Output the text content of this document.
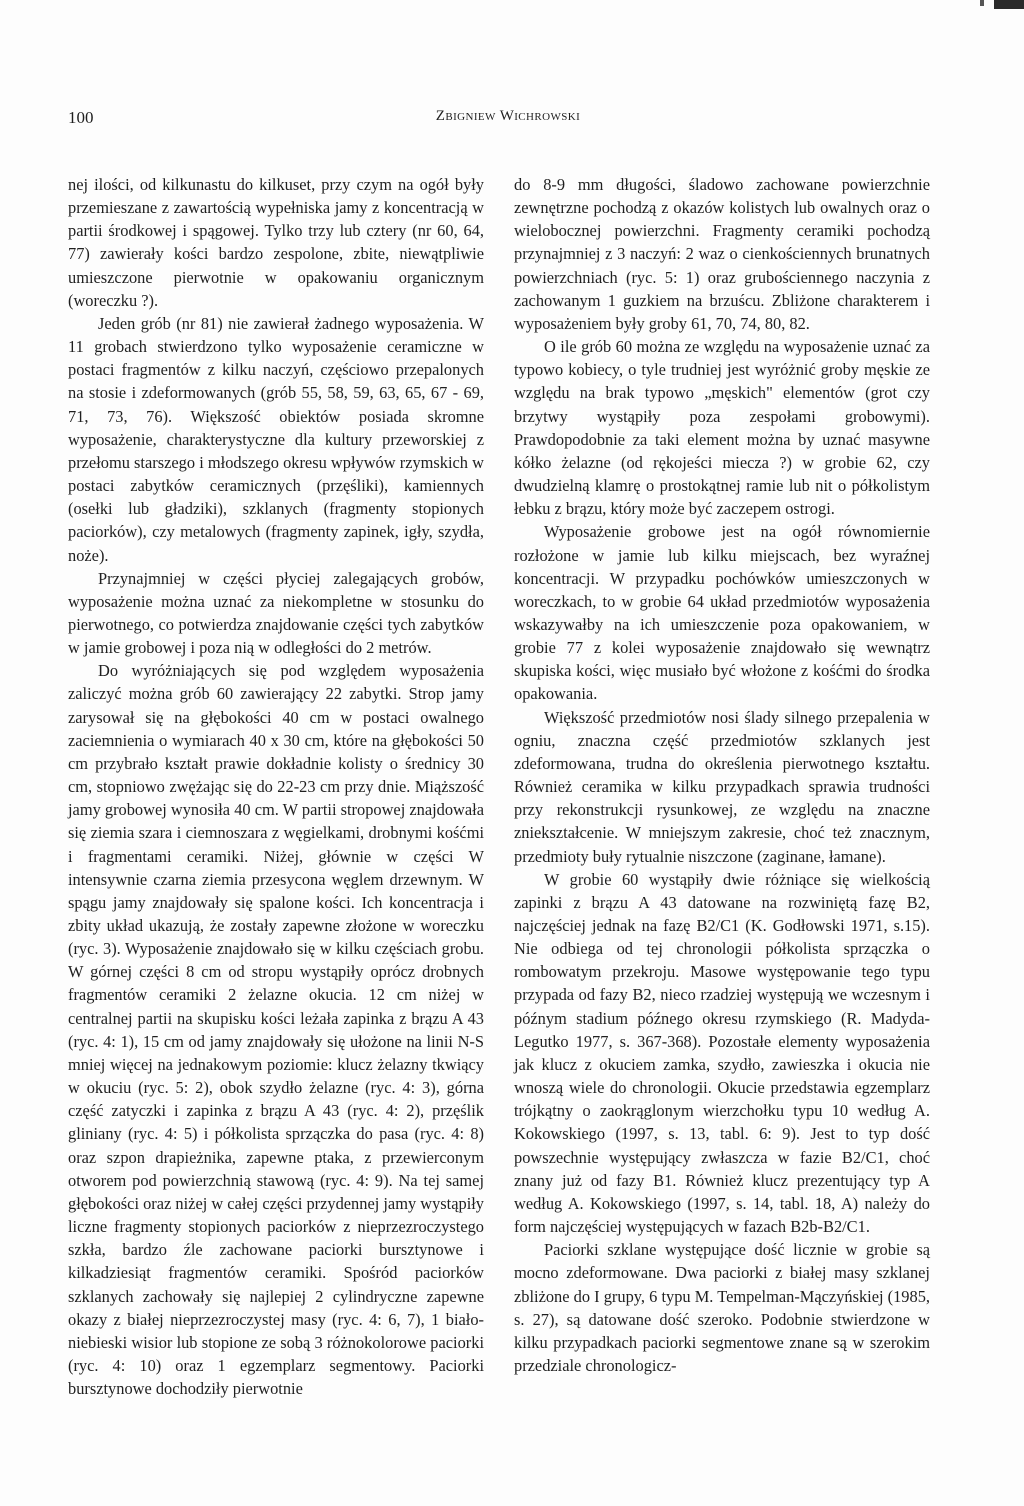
100	Zbigniew Wichrowski

nej ilości, od kilkunastu do kilkuset, przy czym na ogół były przemieszane z zawartością wypełniska jamy z koncentracją w partii środkowej i spągowej. Tylko trzy lub cztery (nr 60, 64, 77) zawierały kości bardzo zespolone, zbite, niewątpliwie umieszczone pierwotnie w opakowaniu organicznym (woreczku ?).

Jeden grób (nr 81) nie zawierał żadnego wyposażenia. W 11 grobach stwierdzono tylko wyposażenie ceramiczne w postaci fragmentów z kilku naczyń, częściowo przepalonych na stosie i zdeformowanych (grób 55, 58, 59, 63, 65, 67 - 69, 71, 73, 76). Większość obiektów posiada skromne wyposażenie, charakterystyczne dla kultury przeworskiej z przełomu starszego i młodszego okresu wpływów rzymskich w postaci zabytków ceramicznych (przęśliki), kamiennych (osełki lub gładziki), szklanych (fragmenty stopionych paciorków), czy metalowych (fragmenty zapinek, igły, szydła, noże).

Przynajmniej w części płyciej zalegających grobów, wyposażenie można uznać za niekompletne w stosunku do pierwotnego, co potwierdza znajdowanie części tych zabytków w jamie grobowej i poza nią w odległości do 2 metrów.

Do wyróżniających się pod względem wyposażenia zaliczyć można grób 60 zawierający 22 zabytki. Strop jamy zarysował się na głębokości 40 cm w postaci owalnego zaciemnienia o wymiarach 40 x 30 cm, które na głębokości 50 cm przybrało kształt prawie dokładnie kolisty o średnicy 30 cm, stopniowo zwężając się do 22-23 cm przy dnie. Miąższość jamy grobowej wynosiła 40 cm. W partii stropowej znajdowała się ziemia szara i ciemnoszara z węgielkami, drobnymi kośćmi i fragmentami ceramiki. Niżej, głównie w części W intensywnie czarna ziemia przesycona węglem drzewnym. W spągu jamy znajdowały się spalone kości. Ich koncentracja i zbity układ ukazują, że zostały zapewne złożone w woreczku (ryc. 3). Wyposażenie znajdowało się w kilku częściach grobu. W górnej części 8 cm od stropu wystąpiły oprócz drobnych fragmentów ceramiki 2 żelazne okucia. 12 cm niżej w centralnej partii na skupisku kości leżała zapinka z brązu A 43 (ryc. 4: 1), 15 cm od jamy znajdowały się ułożone na linii N-S mniej więcej na jednakowym poziomie: klucz żelazny tkwiący w okuciu (ryc. 5: 2), obok szydło żelazne (ryc. 4: 3), górna część zatyczki i zapinka z brązu A 43 (ryc. 4: 2), przęślik gliniany (ryc. 4: 5) i półkolista sprzączka do pasa (ryc. 4: 8) oraz szpon drapieżnika, zapewne ptaka, z przewierconym otworem pod powierzchnią stawową (ryc. 4: 9). Na tej samej głębokości oraz niżej w całej części przydennej jamy wystąpiły liczne fragmenty stopionych paciorków z nieprzezroczystego szkła, bardzo źle zachowane paciorki bursztynowe i kilkadziesiąt fragmentów ceramiki. Spośród paciorków szklanych zachowały się najlepiej 2 cylindryczne zapewne okazy z białej nieprzezroczystej masy (ryc. 4: 6, 7), 1 biało-niebieski wisior lub stopione ze sobą 3 różnokolorowe paciorki (ryc. 4: 10) oraz 1 egzemplarz segmentowy. Paciorki bursztynowe dochodziły pierwotnie

do 8-9 mm długości, śladowo zachowane powierzchnie zewnętrzne pochodzą z okazów kolistych lub owalnych oraz o wielobocznej powierzchni. Fragmenty ceramiki pochodzą przynajmniej z 3 naczyń: 2 waz o cienkościennych brunatnych powierzchniach (ryc. 5: 1) oraz grubościennego naczynia z zachowanym 1 guzkiem na brzuścu. Zbliżone charakterem i wyposażeniem były groby 61, 70, 74, 80, 82.

O ile grób 60 można ze względu na wyposażenie uznać za typowo kobiecy, o tyle trudniej jest wyróżnić groby męskie ze względu na brak typowo „męskich" elementów (grot czy brzytwy wystąpiły poza zespołami grobowymi). Prawdopodobnie za taki element można by uznać masywne kółko żelazne (od rękojeści miecza ?) w grobie 62, czy dwudzielną klamrę o prostokątnej ramie lub nit o półkolistym łebku z brązu, który może być zaczepem ostrogi.

Wyposażenie grobowe jest na ogół równomiernie rozłożone w jamie lub kilku miejscach, bez wyraźnej koncentracji. W przypadku pochówków umieszczonych w woreczkach, to w grobie 64 układ przedmiotów wyposażenia wskazywałby na ich umieszczenie poza opakowaniem, w grobie 77 z kolei wyposażenie znajdowało się wewnątrz skupiska kości, więc musiało być włożone z kośćmi do środka opakowania.

Większość przedmiotów nosi ślady silnego przepalenia w ogniu, znaczna część przedmiotów szklanych jest zdeformowana, trudna do określenia pierwotnego kształtu. Również ceramika w kilku przypadkach sprawia trudności przy rekonstrukcji rysunkowej, ze względu na znaczne zniekształcenie. W mniejszym zakresie, choć też znacznym, przedmioty buły rytualnie niszczone (zaginane, łamane).

W grobie 60 wystąpiły dwie różniące się wielkością zapinki z brązu A 43 datowane na rozwiniętą fazę B2, najczęściej jednak na fazę B2/C1 (K. Godłowski 1971, s.15). Nie odbiega od tej chronologii półkolista sprzączka o rombowatym przekroju. Masowe występowanie tego typu przypada od fazy B2, nieco rzadziej występują we wczesnym i późnym stadium późnego okresu rzymskiego (R. Madyda-Legutko 1977, s. 367-368). Pozostałe elementy wyposażenia jak klucz z okuciem zamka, szydło, zawieszka i okucia nie wnoszą wiele do chronologii. Okucie przedstawia egzemplarz trójkątny o zaokrąglonym wierzchołku typu 10 według A. Kokowskiego (1997, s. 13, tabl. 6: 9). Jest to typ dość powszechnie występujący zwłaszcza w fazie B2/C1, choć znany już od fazy B1. Również klucz prezentujący typ A według A. Kokowskiego (1997, s. 14, tabl. 18, A) należy do form najczęściej występujących w fazach B2b-B2/C1.

Paciorki szklane występujące dość licznie w grobie są mocno zdeformowane. Dwa paciorki z białej masy szklanej zbliżone do I grupy, 6 typu M. Tempelman-Mączyńskiej (1985, s. 27), są datowane dość szeroko. Podobnie stwierdzone w kilku przypadkach paciorki segmentowe znane są w szerokim przedziale chronologicz-
